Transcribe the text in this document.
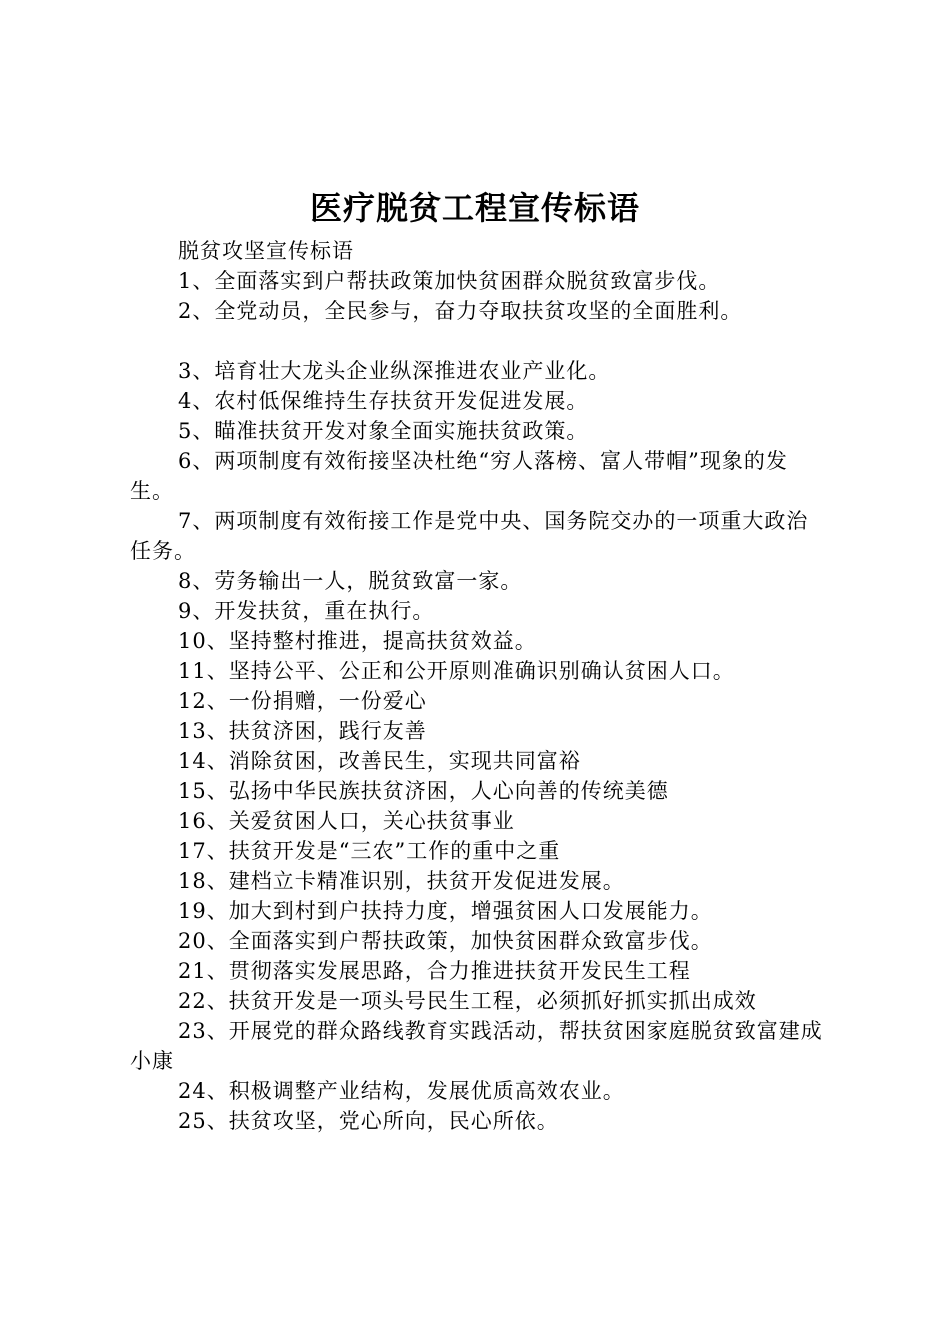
医疗脱贫工程宣传标语

脱贫攻坚宣传标语

1、全面落实到户帮扶政策加快贫困群众脱贫致富步伐。

2、全党动员，全民参与，奋力夺取扶贫攻坚的全面胜利。

3、培育壮大龙头企业纵深推进农业产业化。

4、农村低保维持生存扶贫开发促进发展。

5、瞄准扶贫开发对象全面实施扶贫政策。

6、两项制度有效衔接坚决杜绝“穷人落榜、富人带帽”现象的发生。

7、两项制度有效衔接工作是党中央、国务院交办的一项重大政治任务。

8、劳务输出一人，脱贫致富一家。

9、开发扶贫，重在执行。

10、坚持整村推进，提高扶贫效益。

11、坚持公平、公正和公开原则准确识别确认贫困人口。

12、一份捐赠，一份爱心

13、扶贫济困，践行友善

14、消除贫困，改善民生，实现共同富裕

15、弘扬中华民族扶贫济困，人心向善的传统美德

16、关爱贫困人口，关心扶贫事业

17、扶贫开发是“三农”工作的重中之重

18、建档立卡精准识别，扶贫开发促进发展。

19、加大到村到户扶持力度，增强贫困人口发展能力。

20、全面落实到户帮扶政策，加快贫困群众致富步伐。

21、贯彻落实发展思路，合力推进扶贫开发民生工程

22、扶贫开发是一项头号民生工程，必须抓好抓实抓出成效

23、开展党的群众路线教育实践活动，帮扶贫困家庭脱贫致富建成小康

24、积极调整产业结构，发展优质高效农业。

25、扶贫攻坚，党心所向，民心所依。
